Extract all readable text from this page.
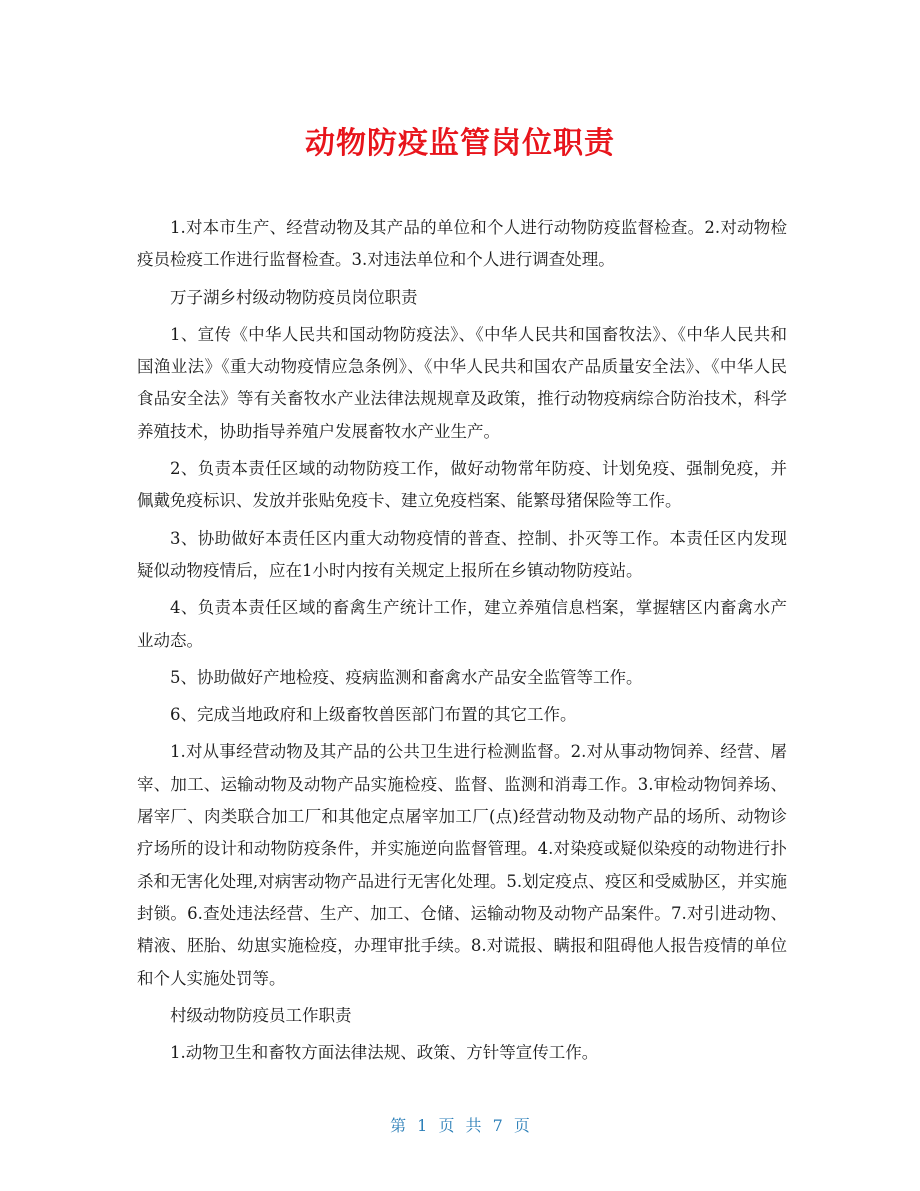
动物防疫监管岗位职责

1.对本市生产、经营动物及其产品的单位和个人进行动物防疫监督检查。2.对动物检疫员检疫工作进行监督检查。3.对违法单位和个人进行调查处理。

万子湖乡村级动物防疫员岗位职责

1、宣传《中华人民共和国动物防疫法》、《中华人民共和国畜牧法》、《中华人民共和国渔业法》《重大动物疫情应急条例》、《中华人民共和国农产品质量安全法》、《中华人民食品安全法》等有关畜牧水产业法律法规规章及政策，推行动物疫病综合防治技术，科学养殖技术，协助指导养殖户发展畜牧水产业生产。

2、负责本责任区域的动物防疫工作，做好动物常年防疫、计划免疫、强制免疫，并佩戴免疫标识、发放并张贴免疫卡、建立免疫档案、能繁母猪保险等工作。

3、协助做好本责任区内重大动物疫情的普查、控制、扑灭等工作。本责任区内发现疑似动物疫情后，应在1小时内按有关规定上报所在乡镇动物防疫站。

4、负责本责任区域的畜禽生产统计工作，建立养殖信息档案，掌握辖区内畜禽水产业动态。

5、协助做好产地检疫、疫病监测和畜禽水产品安全监管等工作。

6、完成当地政府和上级畜牧兽医部门布置的其它工作。

1.对从事经营动物及其产品的公共卫生进行检测监督。2.对从事动物饲养、经营、屠宰、加工、运输动物及动物产品实施检疫、监督、监测和消毒工作。3.审检动物饲养场、屠宰厂、肉类联合加工厂和其他定点屠宰加工厂(点)经营动物及动物产品的场所、动物诊疗场所的设计和动物防疫条件，并实施逆向监督管理。4.对染疫或疑似染疫的动物进行扑杀和无害化处理,对病害动物产品进行无害化处理。5.划定疫点、疫区和受威胁区，并实施封锁。6.查处违法经营、生产、加工、仓储、运输动物及动物产品案件。7.对引进动物、精液、胚胎、幼崽实施检疫，办理审批手续。8.对谎报、瞒报和阻碍他人报告疫情的单位和个人实施处罚等。

村级动物防疫员工作职责

1.动物卫生和畜牧方面法律法规、政策、方针等宣传工作。

第 1 页 共 7 页
